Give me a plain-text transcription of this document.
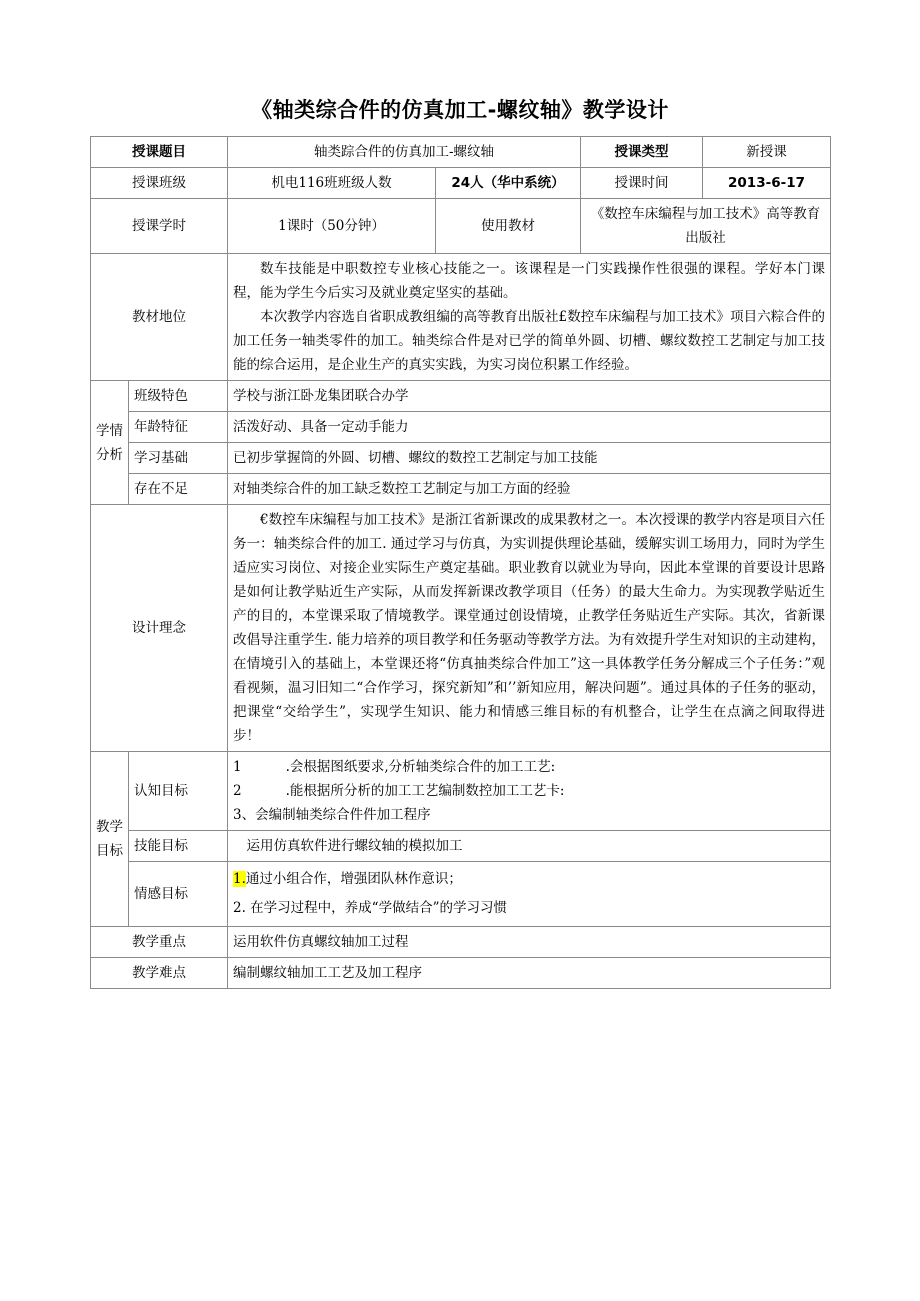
《轴类综合件的仿真加工-螺纹轴》教学设计
授课题目		轴类踪合件的仿真加工-螺纹轴		授课类型	新授课
授课班级		机电116班班级人数	24人（华中系统）	授课时间	2013-6-17
授课学时		1课时（50分钟）	使用教材	《数控车床编程与加工技术》高等教育出版社	
教材地位		数车技能是中职数控专业核心技能之一。该课程是一门实践操作性很强的课程。学好本门课程，能为学生今后实习及就业奠定坚实的基础。

本次教学内容选自省职成教组编的高等教育出版社£数控车床编程与加工技术》项目六粽合件的加工任务一轴类零件的加工。轴类综合件是对已学的简单外圆、切槽、螺纹数控工艺制定与加工技能的综合运用，是企业生产的真实实践，为实习岗位积累工作经验。			

学情分析	班级特色	学校与浙江卧龙集团联合办学			
	年龄特征	活泼好动、具备一定动手能力			
	学习基础	已初步掌握筒的外圆、切槽、螺纹的数控工艺制定与加工技能			
	存在不足	对轴类综合件的加工缺乏数控工艺制定与加工方面的经验			
设计理念		€数控车床编程与加工技术》是浙江省新课改的成果教材之一。本次授课的教学内容是项目六任务一：轴类综合件的加工. 通过学习与仿真，为实训提供理论基础，缓解实训工场用力，同时为学生适应实习岗位、对接企业实际生产奠定基础。职业教育以就业为导向，因此本堂课的首要设计思路是如何让教学贴近生产实际，从而发挥新课改教学项目（任务）的最大生命力。为实现教学贴近生产的目的，本堂课采取了情境教学。课堂通过创设情境，止教学任务贴近生产实际。其次，省新课改倡导注重学生. 能力培养的项目教学和任务驱动等教学方法。为有效提升学生对知识的主动建构，在情境引入的基础上，本堂课还将“仿真抽类综合件加工”这一具体教学任务分解成三个子任务：”观看视频，温习旧知二“合作学习，探究新知”和’’新知应用，解决问题”。通过具体的子任务的驱动，把课堂“交给学生”，实现学生知识、能力和情感三维目标的有机整合，让学生在点滴之间取得进步！			

教学目标	认知目标	1 .会根据图纸要求,分析轴类综合件的加工工艺:
2 .能根据所分析的加工工艺编制数控加工工艺卡:
3、会编制轴类综合件件加工程序			

	技能目标	运用仿真软件进行螺纹轴的模拟加工			
	情感目标	1.通过小组合作，增强团队林作意识；
2. 在学习过程中，养成“学做结合”的学习习惯			

教学重点		运用软件仿真螺纹轴加工过程			
教学难点		编制螺纹轴加工工艺及加工程序			
